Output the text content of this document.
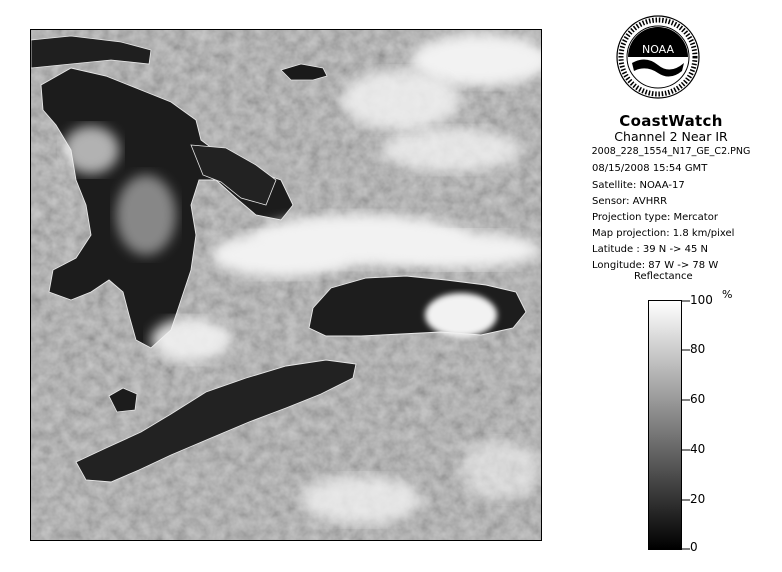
NOAA
CoastWatch
Channel 2 Near IR
2008_228_1554_N17_GE_C2.PNG
08/15/2008 15:54 GMT
Satellite: NOAA-17
Sensor: AVHRR
Projection type: Mercator
Map projection: 1.8 km/pixel
Latitude : 39 N -> 45 N
Longitude: 87 W -> 78 W
Reflectance
%
100
80
60
40
20
0
